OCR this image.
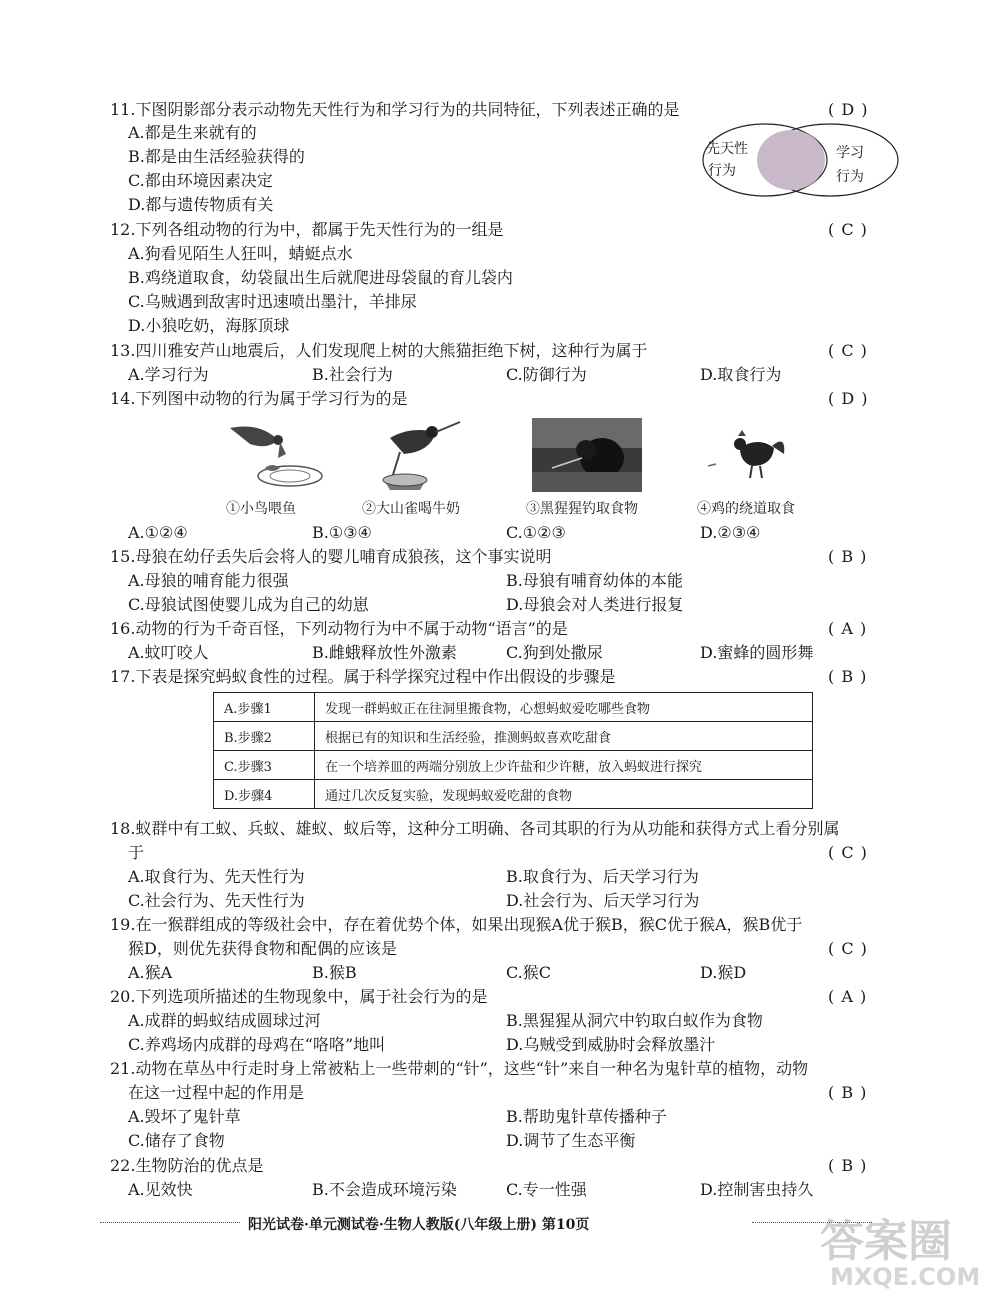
11.下图阴影部分表示动物先天性行为和学习行为的共同特征，下列表述正确的是	( D )
A.都是生来就有的
B.都是由生活经验获得的
C.都由环境因素决定
D.都与遗传物质有关
先天性
行为
学习
行为
12.下列各组动物的行为中，都属于先天性行为的一组是	( C )
A.狗看见陌生人狂叫，蜻蜓点水
B.鸡绕道取食，幼袋鼠出生后就爬进母袋鼠的育儿袋内
C.乌贼遇到敌害时迅速喷出墨汁，羊排尿
D.小狼吃奶，海豚顶球
13.四川雅安芦山地震后，人们发现爬上树的大熊猫拒绝下树，这种行为属于	( C )
A.学习行为	B.社会行为	C.防御行为	D.取食行为
14.下列图中动物的行为属于学习行为的是	( D )
①小鸟喂鱼	②大山雀喝牛奶	③黑猩猩钓取食物	④鸡的绕道取食
A.①②④	B.①③④	C.①②③	D.②③④
15.母狼在幼仔丢失后会将人的婴儿哺育成狼孩，这个事实说明	( B )
A.母狼的哺育能力很强	B.母狼有哺育幼体的本能
C.母狼试图使婴儿成为自己的幼崽	D.母狼会对人类进行报复
16.动物的行为千奇百怪，下列动物行为中不属于动物“语言”的是	( A )
A.蚊叮咬人	B.雌蛾释放性外激素	C.狗到处撒尿	D.蜜蜂的圆形舞
17.下表是探究蚂蚁食性的过程。属于科学探究过程中作出假设的步骤是	( B )
A.步骤1	发现一群蚂蚁正在往洞里搬食物，心想蚂蚁爱吃哪些食物
B.步骤2	根据已有的知识和生活经验，推测蚂蚁喜欢吃甜食
C.步骤3	在一个培养皿的两端分别放上少许盐和少许糖，放入蚂蚁进行探究
D.步骤4	通过几次反复实验，发现蚂蚁爱吃甜的食物
18.蚁群中有工蚁、兵蚁、雄蚁、蚁后等，这种分工明确、各司其职的行为从功能和获得方式上看分别属
于	( C )
A.取食行为、先天性行为	B.取食行为、后天学习行为
C.社会行为、先天性行为	D.社会行为、后天学习行为
19.在一猴群组成的等级社会中，存在着优势个体，如果出现猴A优于猴B，猴C优于猴A，猴B优于
猴D，则优先获得食物和配偶的应该是	( C )
A.猴A	B.猴B	C.猴C	D.猴D
20.下列选项所描述的生物现象中，属于社会行为的是	( A )
A.成群的蚂蚁结成圆球过河	B.黑猩猩从洞穴中钓取白蚁作为食物
C.养鸡场内成群的母鸡在“咯咯”地叫	D.乌贼受到威胁时会释放墨汁
21.动物在草丛中行走时身上常被粘上一些带刺的“针”，这些“针”来自一种名为鬼针草的植物，动物
在这一过程中起的作用是	( B )
A.毁坏了鬼针草	B.帮助鬼针草传播种子
C.储存了食物	D.调节了生态平衡
22.生物防治的优点是	( B )
A.见效快	B.不会造成环境污染	C.专一性强	D.控制害虫持久
阳光试卷·单元测试卷·生物人教版(八年级上册) 第10页	答案圈
MXQE.COM
